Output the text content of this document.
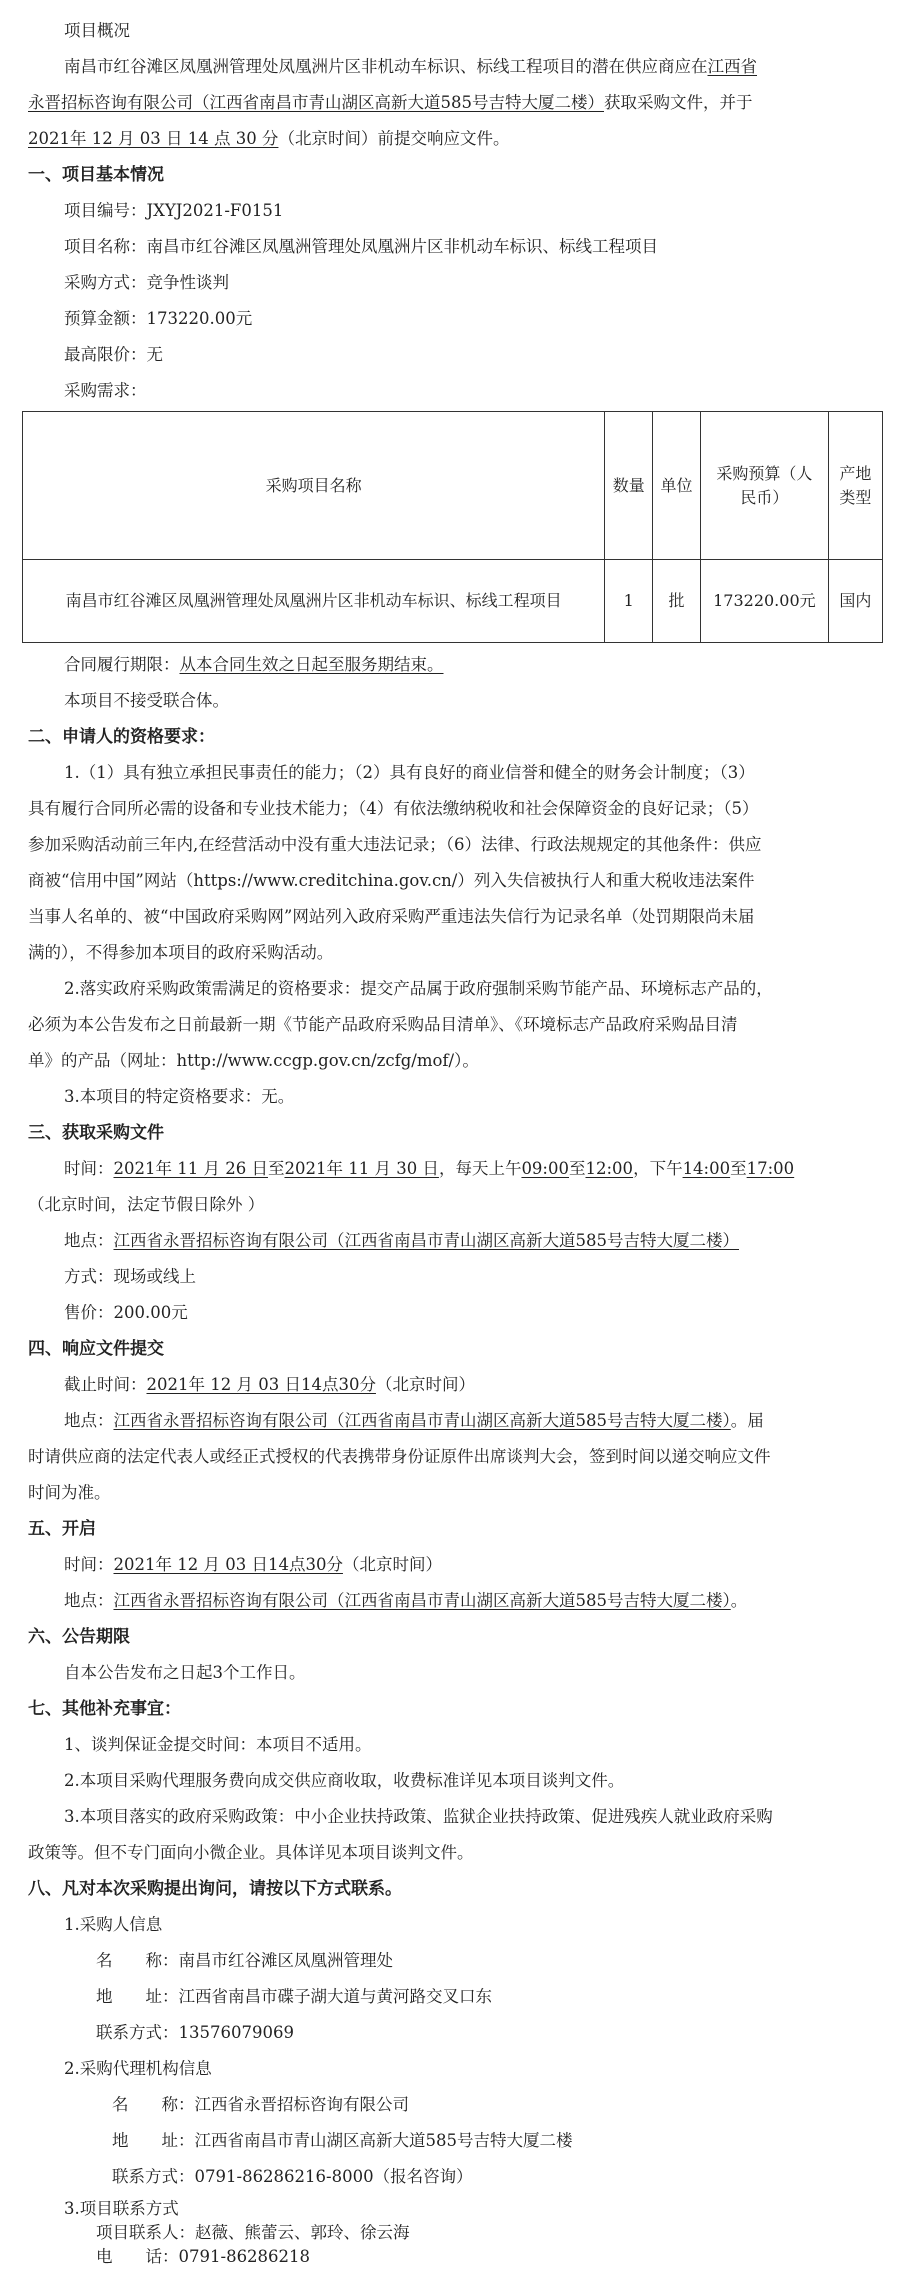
项目概况
南昌市红谷滩区凤凰洲管理处凤凰洲片区非机动车标识、标线工程项目的潜在供应商应在江西省
永晋招标咨询有限公司（江西省南昌市青山湖区高新大道585号吉特大厦二楼）获取采购文件，并于
2021年 12 月 03 日 14 点 30 分（北京时间）前提交响应文件。
一、项目基本情况
项目编号：JXYJ2021-F0151
项目名称：南昌市红谷滩区凤凰洲管理处凤凰洲片区非机动车标识、标线工程项目
采购方式：竞争性谈判
预算金额：173220.00元
最高限价：无
采购需求：
采购项目名称	数量	单位	采购预算（人民币）	产地类型
南昌市红谷滩区凤凰洲管理处凤凰洲片区非机动车标识、标线工程项目	1	批	173220.00元	国内
合同履行期限：从本合同生效之日起至服务期结束。
本项目不接受联合体。
二、申请人的资格要求：
1.（1）具有独立承担民事责任的能力；（2）具有良好的商业信誉和健全的财务会计制度；（3）
具有履行合同所必需的设备和专业技术能力；（4）有依法缴纳税收和社会保障资金的良好记录；（5）
参加采购活动前三年内,在经营活动中没有重大违法记录；（6）法律、行政法规规定的其他条件：供应
商被“信用中国”网站（https://www.creditchina.gov.cn/）列入失信被执行人和重大税收违法案件
当事人名单的、被“中国政府采购网”网站列入政府采购严重违法失信行为记录名单（处罚期限尚未届
满的），不得参加本项目的政府采购活动。
2.落实政府采购政策需满足的资格要求：提交产品属于政府强制采购节能产品、环境标志产品的，
必须为本公告发布之日前最新一期《节能产品政府采购品目清单》、《环境标志产品政府采购品目清
单》的产品（网址：http://www.ccgp.gov.cn/zcfg/mof/）。
3.本项目的特定资格要求：无。
三、获取采购文件
时间：2021年 11 月 26 日至2021年 11 月 30 日，每天上午09:00至12:00，下午14:00至17:00
（北京时间，法定节假日除外 ）
地点：江西省永晋招标咨询有限公司（江西省南昌市青山湖区高新大道585号吉特大厦二楼）
方式：现场或线上
售价：200.00元
四、响应文件提交
截止时间：2021年 12 月 03 日14点30分（北京时间）
地点：江西省永晋招标咨询有限公司（江西省南昌市青山湖区高新大道585号吉特大厦二楼）。届
时请供应商的法定代表人或经正式授权的代表携带身份证原件出席谈判大会，签到时间以递交响应文件
时间为准。
五、开启
时间：2021年 12 月 03 日14点30分（北京时间）
地点：江西省永晋招标咨询有限公司（江西省南昌市青山湖区高新大道585号吉特大厦二楼）。
六、公告期限
自本公告发布之日起3个工作日。
七、其他补充事宜：
1、谈判保证金提交时间：本项目不适用。
2.本项目采购代理服务费向成交供应商收取，收费标准详见本项目谈判文件。
3.本项目落实的政府采购政策：中小企业扶持政策、监狱企业扶持政策、促进残疾人就业政府采购
政策等。但不专门面向小微企业。具体详见本项目谈判文件。
八、凡对本次采购提出询问，请按以下方式联系。
1.采购人信息
名　　称：南昌市红谷滩区凤凰洲管理处
地　　址：江西省南昌市碟子湖大道与黄河路交叉口东
联系方式：13576079069
2.采购代理机构信息
名　　称：江西省永晋招标咨询有限公司
地　　址：江西省南昌市青山湖区高新大道585号吉特大厦二楼
联系方式：0791-86286216-8000（报名咨询）
3.项目联系方式
项目联系人：赵薇、熊蕾云、郭玲、徐云海
电　　话：0791-86286218
